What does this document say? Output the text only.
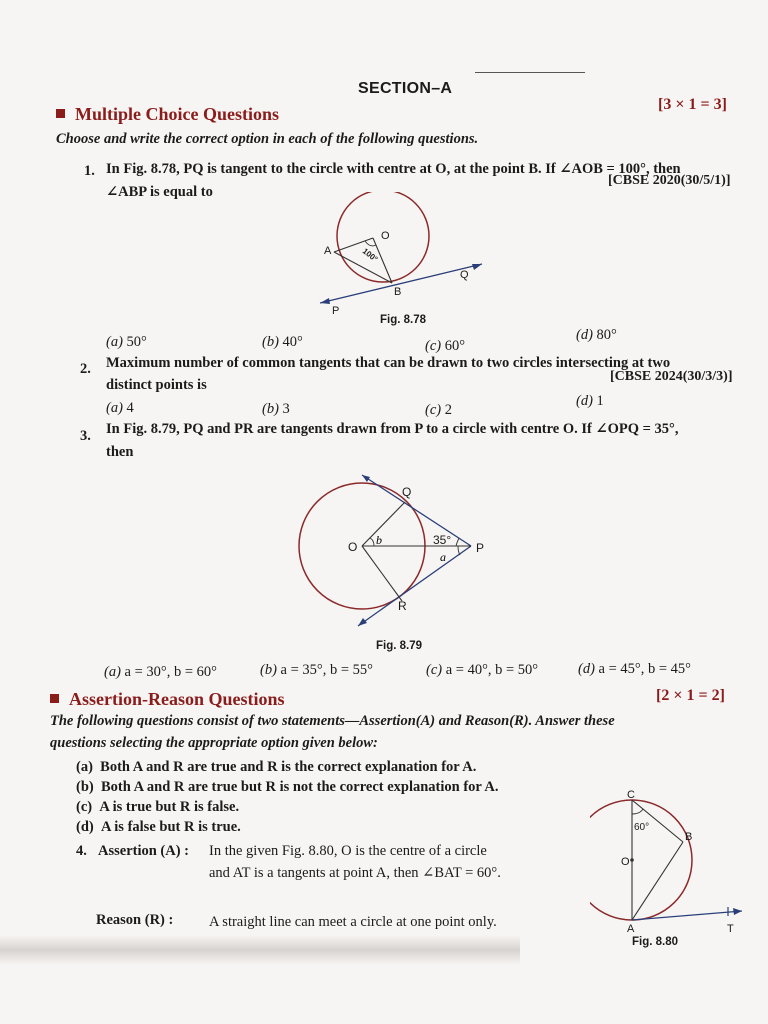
SECTION–A
Multiple Choice Questions	[3 × 1 = 3]
Choose and write the correct option in each of the following questions.
1. In Fig. 8.78, PQ is tangent to the circle with centre at O, at the point B. If ∠AOB = 100°, then
∠ABP is equal to
[CBSE 2020(30/5/1)]
O
A
B
P
Q
100°
Fig. 8.78
(a) 50°	(b) 40°	(c) 60°
(d) 80°
2. Maximum number of common tangents that can be drawn to two circles intersecting at two
distinct points is
[CBSE 2024(30/3/3)]
(a) 4	(b) 3	(c) 2
(d) 1
3. In Fig. 8.79, PQ and PR are tangents drawn from P to a circle with centre O. If ∠OPQ = 35°,
then
O
Q
P
R
b	35°
a
Fig. 8.79
(a) a = 30°, b = 60°	(b) a = 35°, b = 55°	(c) a = 40°, b = 50°	(d) a = 45°, b = 45°
Assertion-Reason Questions	[2 × 1 = 2]
The following questions consist of two statements—Assertion(A) and Reason(R). Answer these
questions selecting the appropriate option given below:
(a) Both A and R are true and R is the correct explanation for A.
(b) Both A and R are true but R is not the correct explanation for A.
(c) A is true but R is false.
(d) A is false but R is true.
4. Assertion (A) : In the given Fig. 8.80, O is the centre of a circle
and AT is a tangents at point A, then ∠BAT = 60°.
Reason (R) : A straight line can meet a circle at one point only.
C
B
O
A	T
60°
Fig. 8.80
